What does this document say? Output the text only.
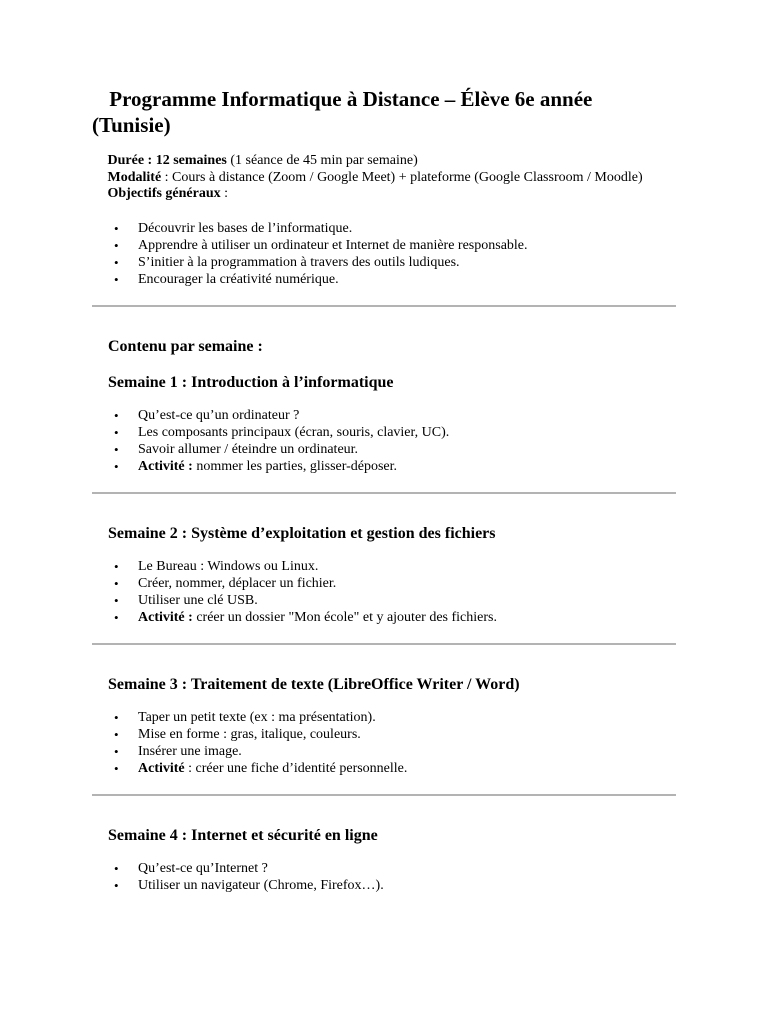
Programme Informatique à Distance – Élève 6e année (Tunisie)

Durée : 12 semaines (1 séance de 45 min par semaine)

Modalité : Cours à distance (Zoom / Google Meet) + plateforme (Google Classroom / Moodle)

Objectifs généraux :

• Découvrir les bases de l’informatique.
• Apprendre à utiliser un ordinateur et Internet de manière responsable.
• S’initier à la programmation à travers des outils ludiques.
• Encourager la créativité numérique.
Contenu par semaine :
Semaine 1 : Introduction à l’informatique
• Qu’est-ce qu’un ordinateur ?
• Les composants principaux (écran, souris, clavier, UC).
• Savoir allumer / éteindre un ordinateur.
• Activité : nommer les parties, glisser-déposer.
Semaine 2 : Système d’exploitation et gestion des fichiers
• Le Bureau : Windows ou Linux.
• Créer, nommer, déplacer un fichier.
• Utiliser une clé USB.
• Activité : créer un dossier "Mon école" et y ajouter des fichiers.
Semaine 3 : Traitement de texte (LibreOffice Writer / Word)
• Taper un petit texte (ex : ma présentation).
• Mise en forme : gras, italique, couleurs.
• Insérer une image.
• Activité : créer une fiche d’identité personnelle.
Semaine 4 : Internet et sécurité en ligne
• Qu’est-ce qu’Internet ?
• Utiliser un navigateur (Chrome, Firefox…).
